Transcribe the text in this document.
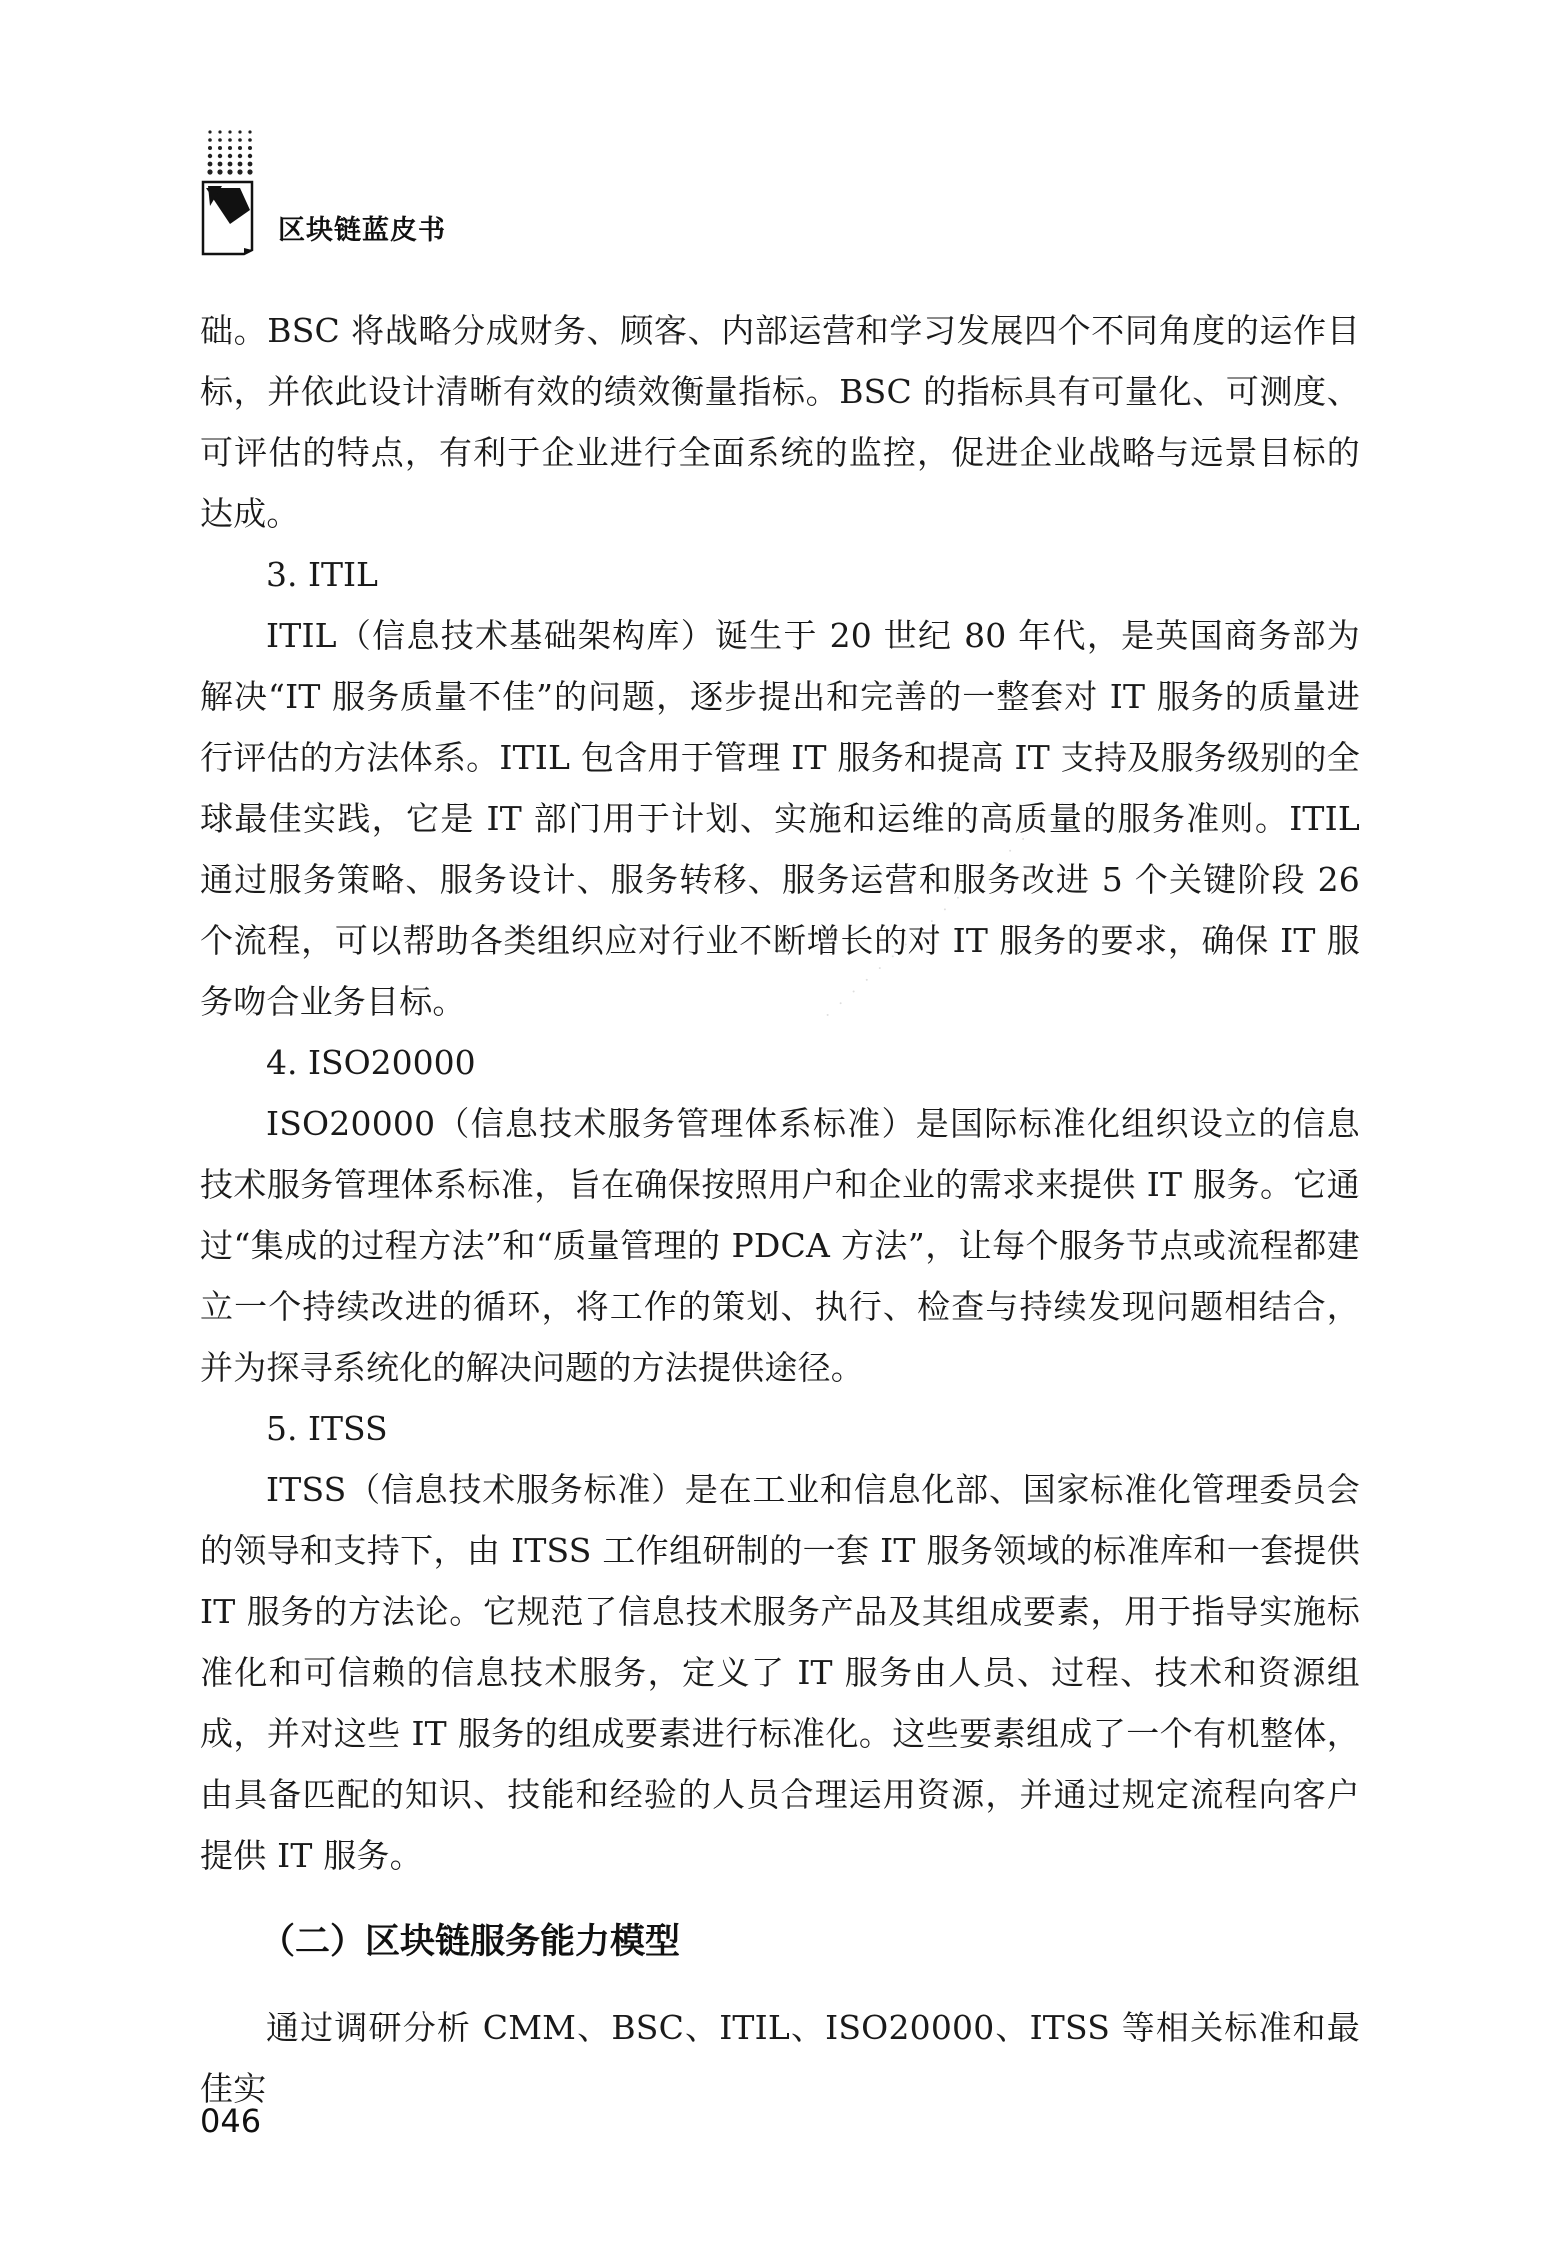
区块链蓝皮书
· · · · · · · · · · · · · · · · · · ·

础。BSC 将战略分成财务、顾客、内部运营和学习发展四个不同角度的运作目标，并依此设计清晰有效的绩效衡量指标。BSC 的指标具有可量化、可测度、可评估的特点，有利于企业进行全面系统的监控，促进企业战略与远景目标的达成。

3. ITIL

ITIL（信息技术基础架构库）诞生于 20 世纪 80 年代，是英国商务部为解决“IT 服务质量不佳”的问题，逐步提出和完善的一整套对 IT 服务的质量进行评估的方法体系。ITIL 包含用于管理 IT 服务和提高 IT 支持及服务级别的全球最佳实践，它是 IT 部门用于计划、实施和运维的高质量的服务准则。ITIL 通过服务策略、服务设计、服务转移、服务运营和服务改进 5 个关键阶段 26 个流程，可以帮助各类组织应对行业不断增长的对 IT 服务的要求，确保 IT 服务吻合业务目标。

4. ISO20000

ISO20000（信息技术服务管理体系标准）是国际标准化组织设立的信息技术服务管理体系标准，旨在确保按照用户和企业的需求来提供 IT 服务。它通过“集成的过程方法”和“质量管理的 PDCA 方法”，让每个服务节点或流程都建立一个持续改进的循环，将工作的策划、执行、检查与持续发现问题相结合，并为探寻系统化的解决问题的方法提供途径。

5. ITSS

ITSS（信息技术服务标准）是在工业和信息化部、国家标准化管理委员会的领导和支持下，由 ITSS 工作组研制的一套 IT 服务领域的标准库和一套提供 IT 服务的方法论。它规范了信息技术服务产品及其组成要素，用于指导实施标准化和可信赖的信息技术服务，定义了 IT 服务由人员、过程、技术和资源组成，并对这些 IT 服务的组成要素进行标准化。这些要素组成了一个有机整体，由具备匹配的知识、技能和经验的人员合理运用资源，并通过规定流程向客户提供 IT 服务。

（二）区块链服务能力模型

通过调研分析 CMM、BSC、ITIL、ISO20000、ITSS 等相关标准和最佳实

046
